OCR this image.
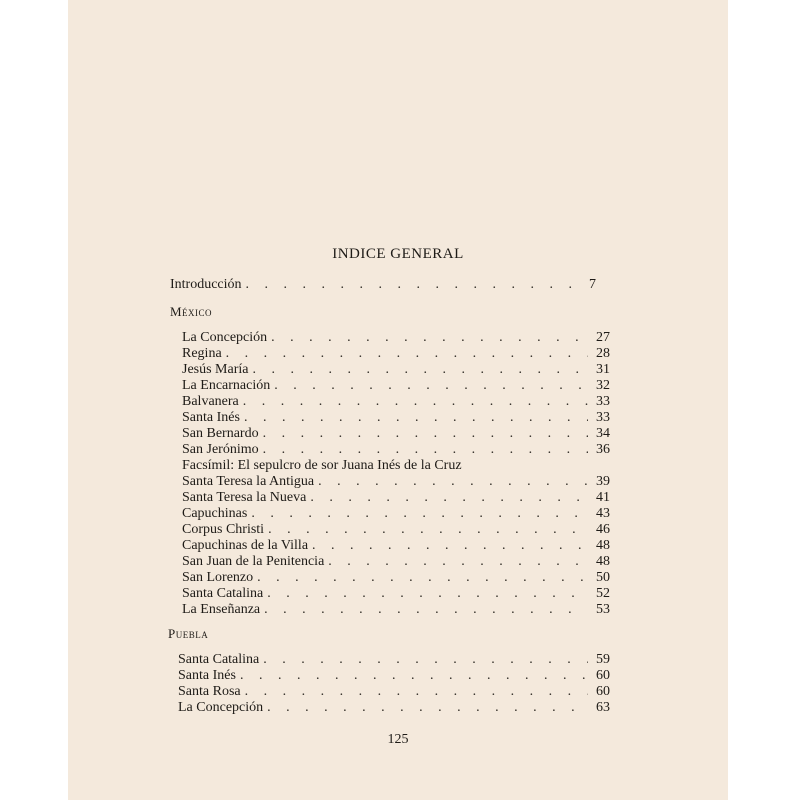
INDICE GENERAL
Introducción . . .	7
México
La Concepción . . .	27
Regina . . .	28
Jesús María . . .	31
La Encarnación . . .	32
Balvanera . . .	33
Santa Inés . . .	33
San Bernardo . . .	34
San Jerónimo . . .	36
Facsímil: El sepulcro de sor Juana Inés de la Cruz
Santa Teresa la Antigua . . .	39
Santa Teresa la Nueva . . .	41
Capuchinas . . .	43
Corpus Christi . . .	46
Capuchinas de la Villa . . .	48
San Juan de la Penitencia . . .	48
San Lorenzo . . .	50
Santa Catalina . . .	52
La Enseñanza . . .	53
Puebla
Santa Catalina . . .	59
Santa Inés . . .	60
Santa Rosa . . .	60
La Concepción . . .	63
125
